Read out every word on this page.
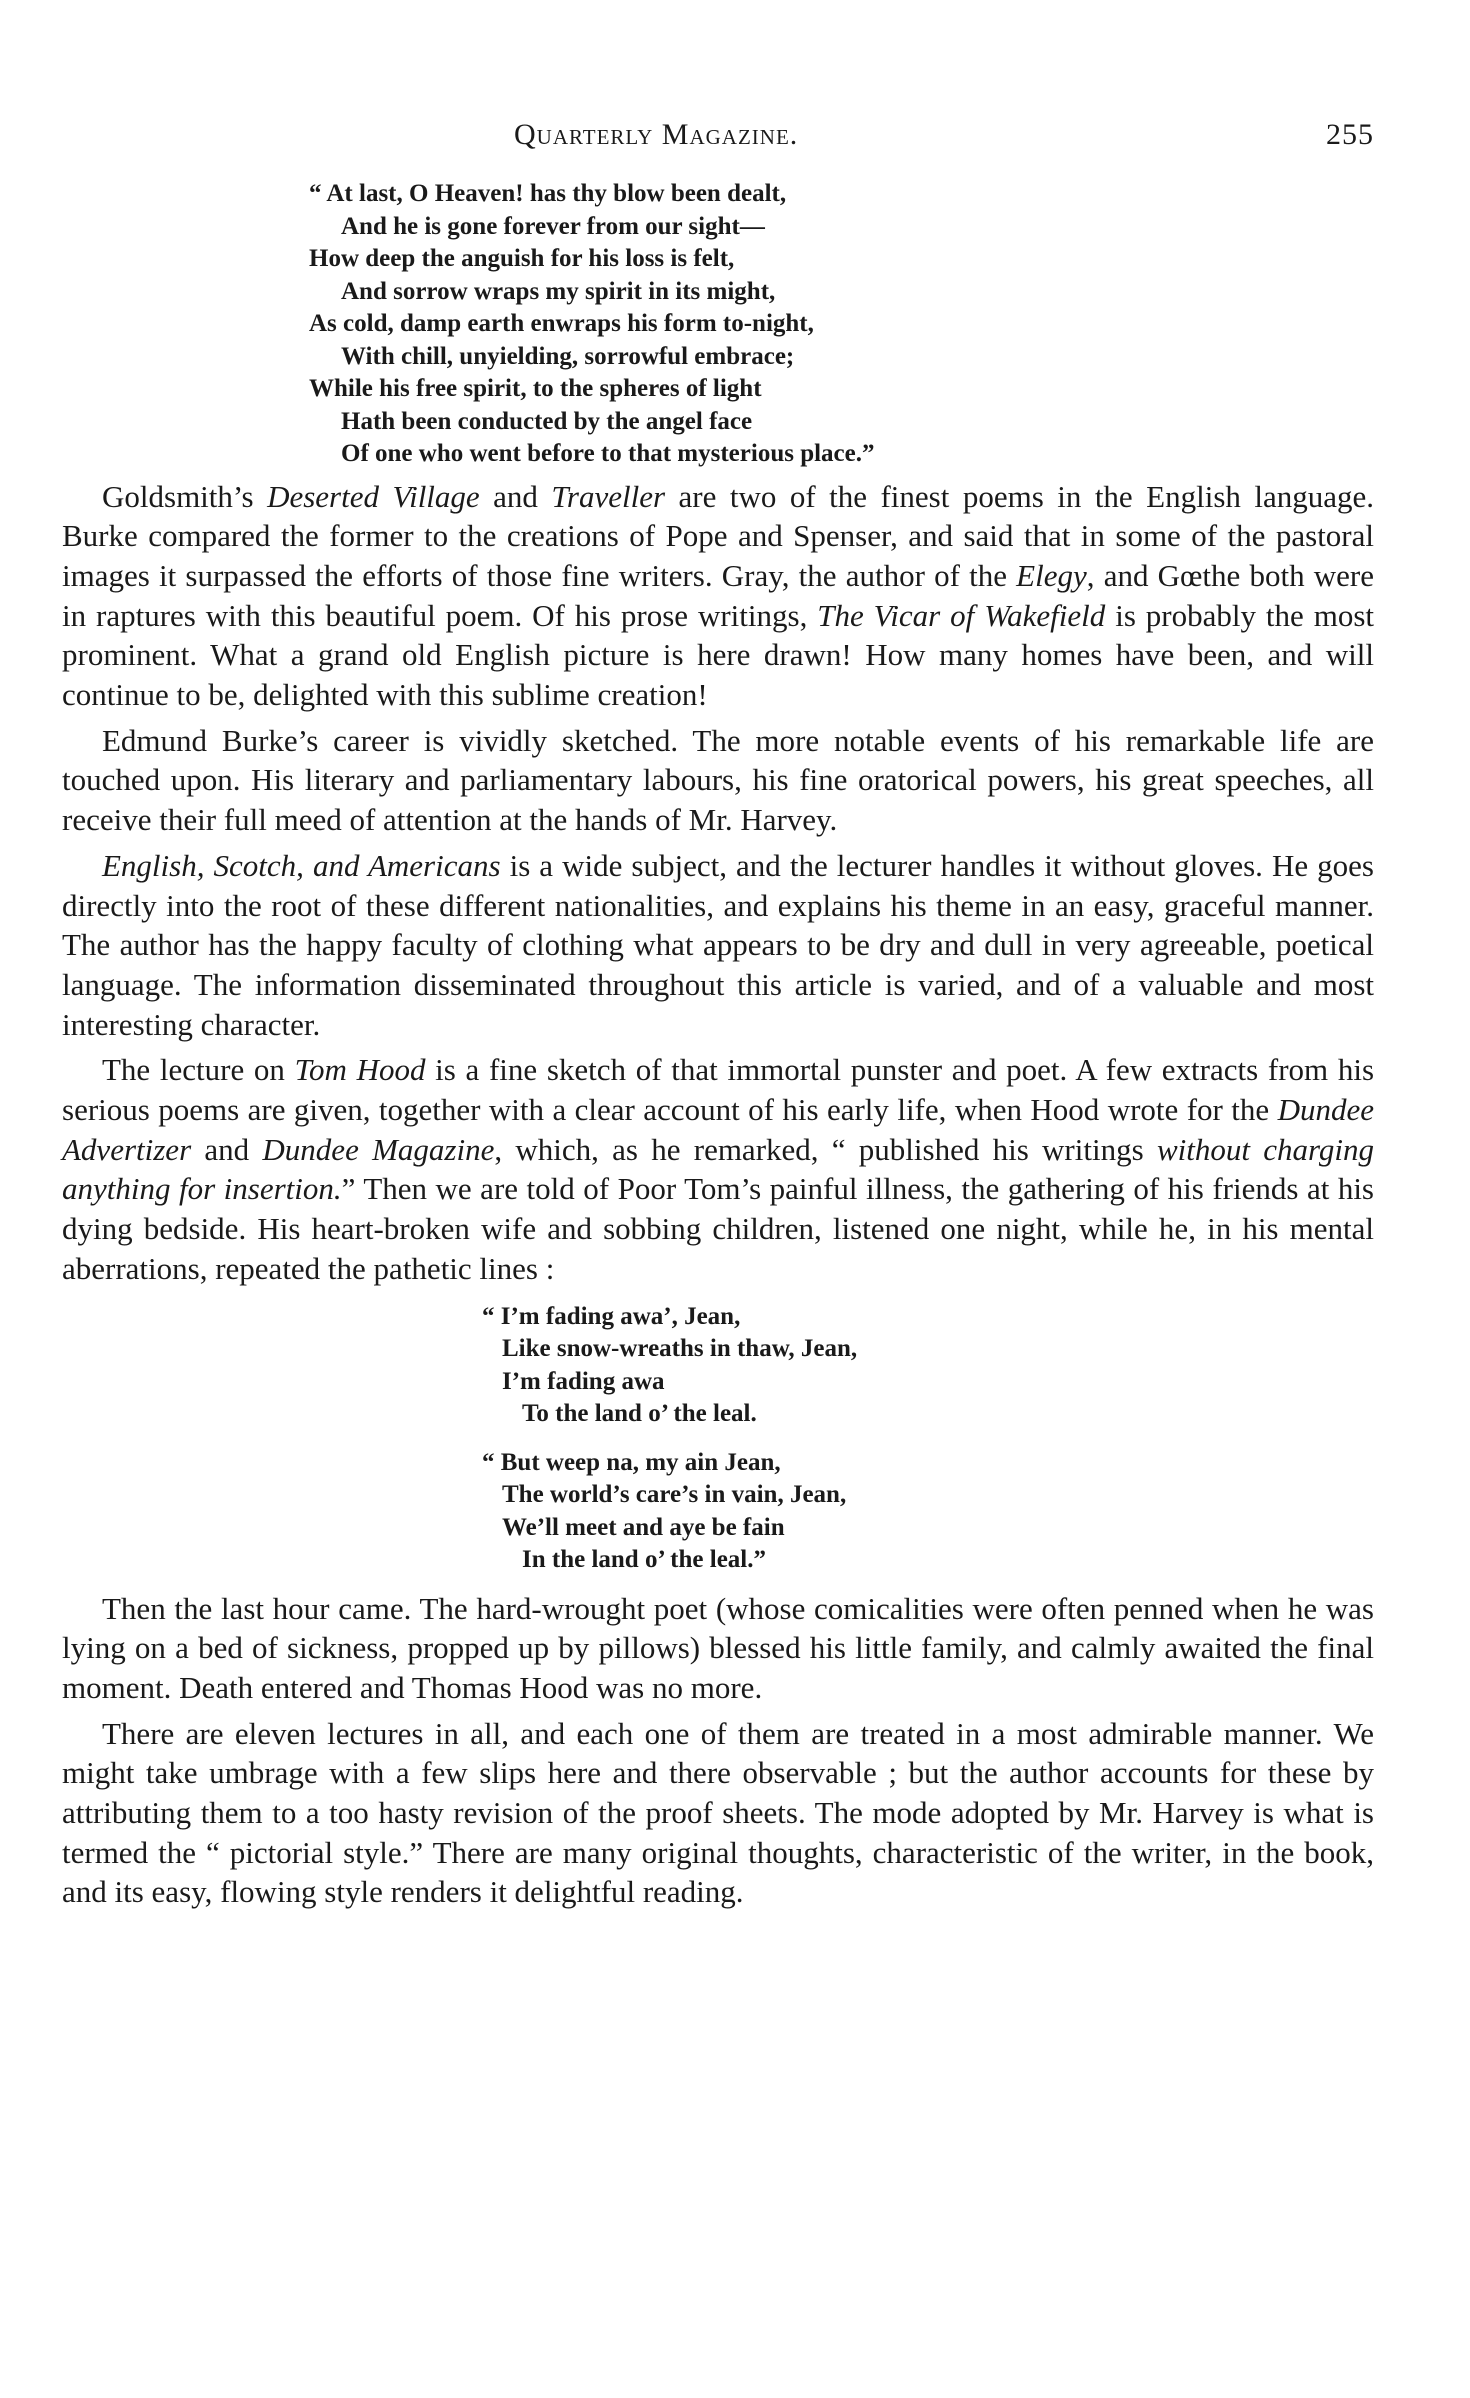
Quarterly Magazine.	255
“ At last, O Heaven! has thy blow been dealt,
And he is gone forever from our sight—
How deep the anguish for his loss is felt,
And sorrow wraps my spirit in its might,
As cold, damp earth enwraps his form to-night,
With chill, unyielding, sorrowful embrace;
While his free spirit, to the spheres of light
Hath been conducted by the angel face
Of one who went before to that mysterious place.”

Goldsmith’s Deserted Village and Traveller are two of the finest poems in the English language. Burke compared the former to the creations of Pope and Spenser, and said that in some of the pastoral images it surpassed the efforts of those fine writers. Gray, the author of the Elegy, and Gœthe both were in raptures with this beautiful poem. Of his prose writings, The Vicar of Wakefield is probably the most prominent. What a grand old English picture is here drawn! How many homes have been, and will continue to be, delighted with this sublime creation!

Edmund Burke’s career is vividly sketched. The more notable events of his remarkable life are touched upon. His literary and parliamentary labours, his fine oratorical powers, his great speeches, all receive their full meed of attention at the hands of Mr. Harvey.

English, Scotch, and Americans is a wide subject, and the lecturer handles it without gloves. He goes directly into the root of these different nationalities, and explains his theme in an easy, graceful manner. The author has the happy faculty of clothing what appears to be dry and dull in very agreeable, poetical language. The information disseminated throughout this article is varied, and of a valuable and most interesting character.

The lecture on Tom Hood is a fine sketch of that immortal punster and poet. A few extracts from his serious poems are given, together with a clear account of his early life, when Hood wrote for the Dundee Advertizer and Dundee Magazine, which, as he remarked, “ published his writings without charging anything for insertion.” Then we are told of Poor Tom’s painful illness, the gathering of his friends at his dying bedside. His heart-broken wife and sobbing children, listened one night, while he, in his mental aberrations, repeated the pathetic lines :

“ I’m fading awa’, Jean,
Like snow-wreaths in thaw, Jean,
I’m fading awa
To the land o’ the leal.
“ But weep na, my ain Jean,
The world’s care’s in vain, Jean,
We’ll meet and aye be fain
In the land o’ the leal.”

Then the last hour came. The hard-wrought poet (whose comicalities were often penned when he was lying on a bed of sickness, propped up by pillows) blessed his little family, and calmly awaited the final moment. Death entered and Thomas Hood was no more.

There are eleven lectures in all, and each one of them are treated in a most admirable manner. We might take umbrage with a few slips here and there observable ; but the author accounts for these by attributing them to a too hasty revision of the proof sheets. The mode adopted by Mr. Harvey is what is termed the “ pictorial style.” There are many original thoughts, characteristic of the writer, in the book, and its easy, flowing style renders it delightful reading.
